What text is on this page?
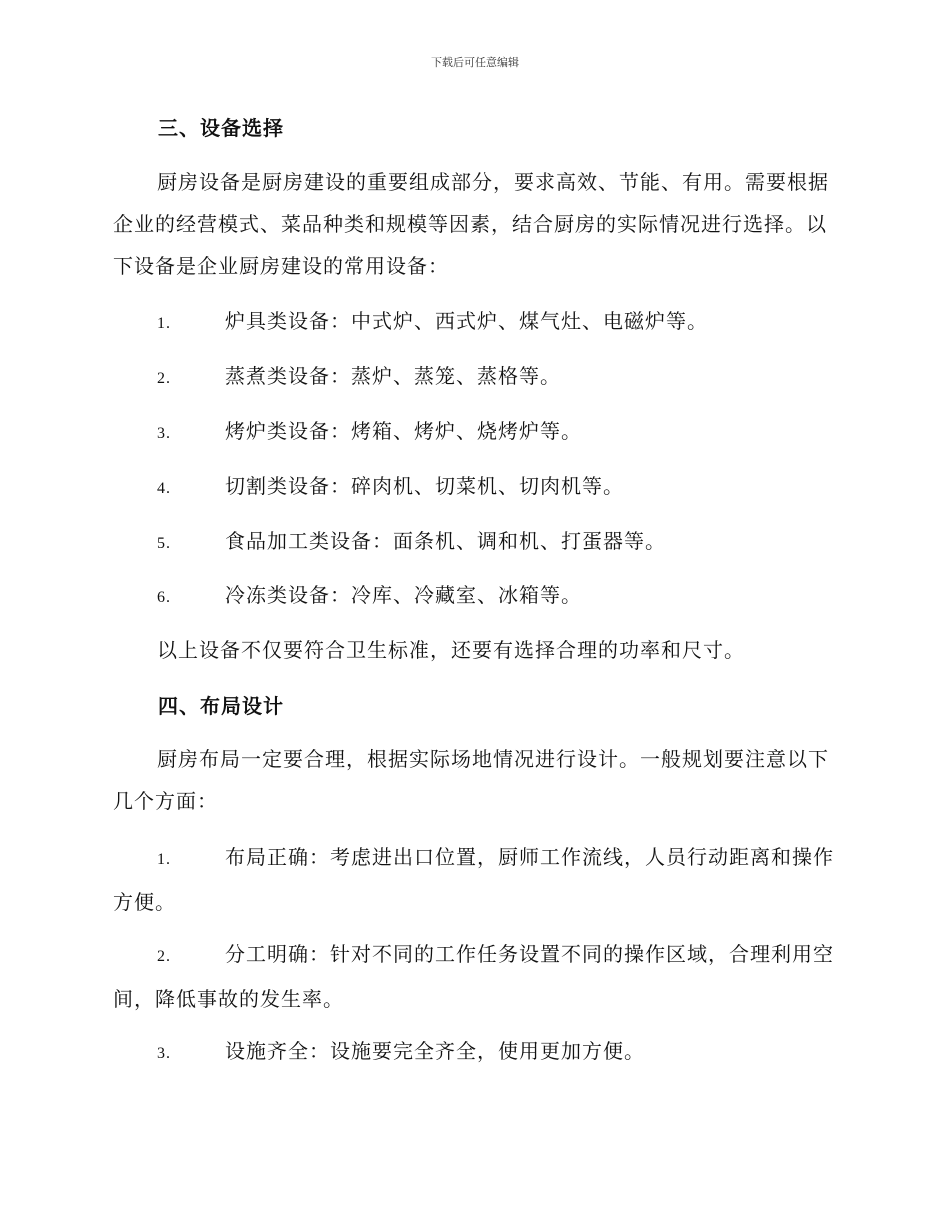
下载后可任意编辑
三、设备选择

厨房设备是厨房建设的重要组成部分，要求高效、节能、有用。需要根据企业的经营模式、菜品种类和规模等因素，结合厨房的实际情况进行选择。以下设备是企业厨房建设的常用设备：

1.	炉具类设备：中式炉、西式炉、煤气灶、电磁炉等。
2.	蒸煮类设备：蒸炉、蒸笼、蒸格等。
3.	烤炉类设备：烤箱、烤炉、烧烤炉等。
4.	切割类设备：碎肉机、切菜机、切肉机等。
5.	食品加工类设备：面条机、调和机、打蛋器等。
6.	冷冻类设备：冷库、冷藏室、冰箱等。

以上设备不仅要符合卫生标准，还要有选择合理的功率和尺寸。

四、布局设计

厨房布局一定要合理，根据实际场地情况进行设计。一般规划要注意以下几个方面：

1.	布局正确：考虑进出口位置，厨师工作流线，人员行动距离和操作方便。
2.	分工明确：针对不同的工作任务设置不同的操作区域，合理利用空间，降低事故的发生率。
3.	设施齐全：设施要完全齐全，使用更加方便。
